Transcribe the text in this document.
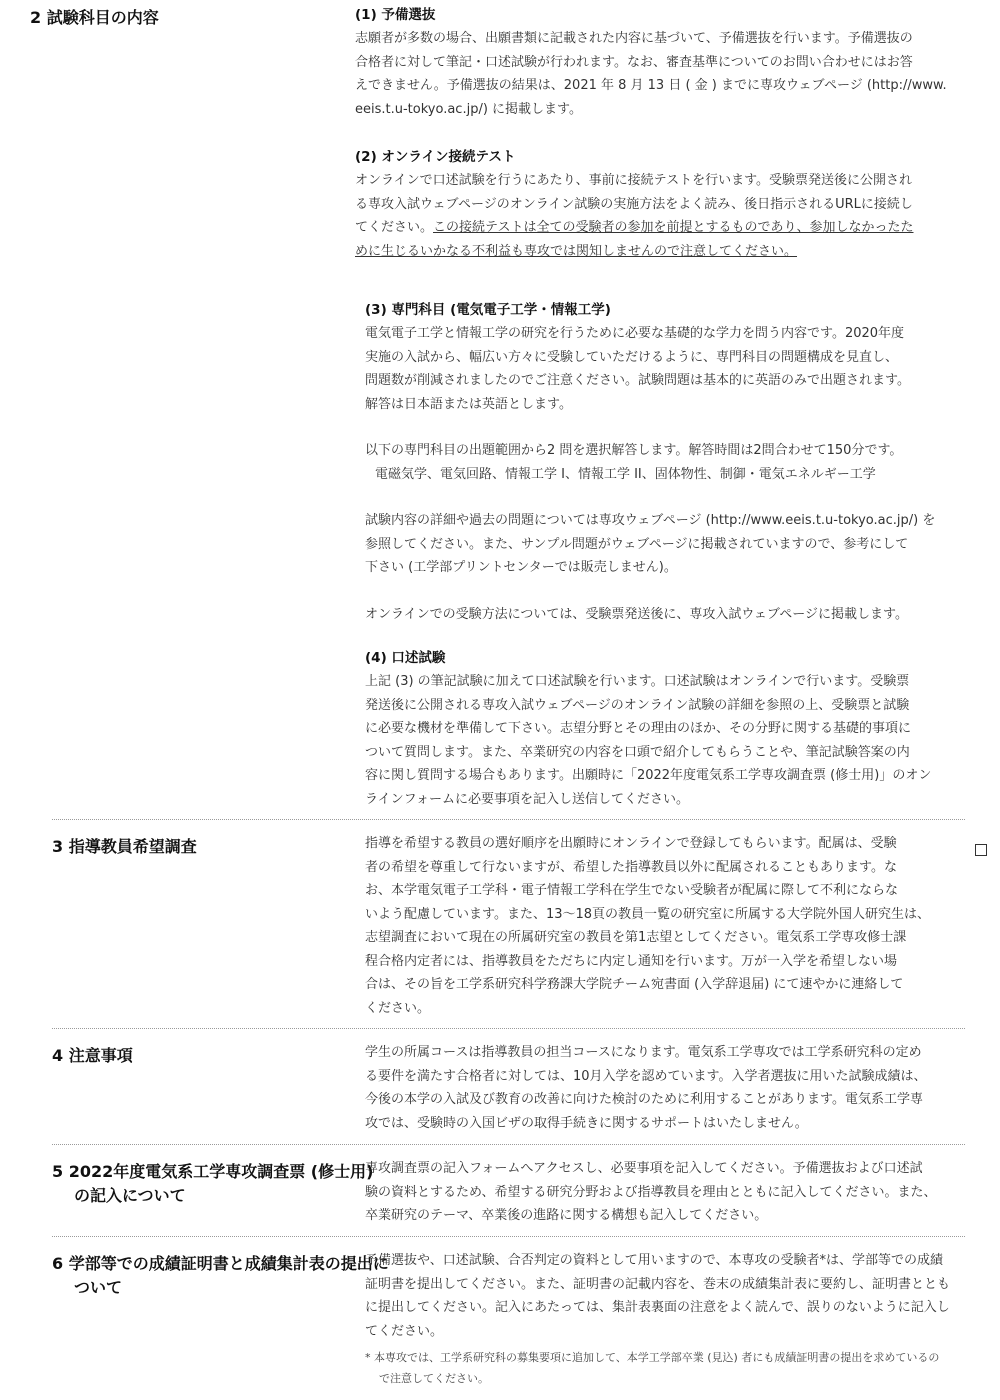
2 試験科目の内容	(1) 予備選抜

志願者が多数の場合、出願書類に記載された内容に基づいて、予備選抜を行います。予備選抜の

合格者に対して筆記・口述試験が行われます。なお、審査基準についてのお問い合わせにはお答

えできません。予備選抜の結果は、2021 年 8 月 13 日 ( 金 ) までに専攻ウェブページ (http://www.

eeis.t.u-tokyo.ac.jp/) に掲載します。

(2) オンライン接続テスト

オンラインで口述試験を行うにあたり、事前に接続テストを行います。受験票発送後に公開され

る専攻入試ウェブページのオンライン試験の実施方法をよく読み、後日指示されるURLに接続し

てください。この接続テストは全ての受験者の参加を前提とするものであり、参加しなかったた

めに生じるいかなる不利益も専攻では関知しませんので注意してください。

(3) 専門科目 (電気電子工学・情報工学)

電気電子工学と情報工学の研究を行うために必要な基礎的な学力を問う内容です。2020年度

実施の入試から、幅広い方々に受験していただけるように、専門科目の問題構成を見直し、

問題数が削減されましたのでご注意ください。試験問題は基本的に英語のみで出題されます。

解答は日本語または英語とします。

以下の専門科目の出題範囲から2 問を選択解答します。解答時間は2問合わせて150分です。

電磁気学、電気回路、情報工学 I、情報工学 II、固体物性、制御・電気エネルギー工学

試験内容の詳細や過去の問題については専攻ウェブページ (http://www.eeis.t.u-tokyo.ac.jp/) を

参照してください。また、サンプル問題がウェブページに掲載されていますので、参考にして

下さい (工学部プリントセンターでは販売しません)。

オンラインでの受験方法については、受験票発送後に、専攻入試ウェブページに掲載します。

(4) 口述試験

上記 (3) の筆記試験に加えて口述試験を行います。口述試験はオンラインで行います。受験票

発送後に公開される専攻入試ウェブページのオンライン試験の詳細を参照の上、受験票と試験

に必要な機材を準備して下さい。志望分野とその理由のほか、その分野に関する基礎的事項に

ついて質問します。また、卒業研究の内容を口頭で紹介してもらうことや、筆記試験答案の内

容に関し質問する場合もあります。出願時に「2022年度電気系工学専攻調査票 (修士用)」のオン

ラインフォームに必要事項を記入し送信してください。

3 指導教員希望調査	指導を希望する教員の選好順序を出願時にオンラインで登録してもらいます。配属は、受験

者の希望を尊重して行ないますが、希望した指導教員以外に配属されることもあります。な

お、本学電気電子工学科・電子情報工学科在学生でない受験者が配属に際して不利にならな

いよう配慮しています。また、13～18頁の教員一覧の研究室に所属する大学院外国人研究生は、

志望調査において現在の所属研究室の教員を第1志望としてください。電気系工学専攻修士課

程合格内定者には、指導教員をただちに内定し通知を行います。万が一入学を希望しない場

合は、その旨を工学系研究科学務課大学院チーム宛書面 (入学辞退届) にて速やかに連絡して

ください。

4 注意事項	学生の所属コースは指導教員の担当コースになります。電気系工学専攻では工学系研究科の定め

る要件を満たす合格者に対しては、10月入学を認めています。入学者選抜に用いた試験成績は、

今後の本学の入試及び教育の改善に向けた検討のために利用することがあります。電気系工学専

攻では、受験時の入国ビザの取得手続きに関するサポートはいたしません。

5 2022年度電気系工学専攻調査票 (修士用) の記入について

専攻調査票の記入フォームへアクセスし、必要事項を記入してください。予備選抜および口述試

験の資料とするため、希望する研究分野および指導教員を理由とともに記入してください。また、

卒業研究のテーマ、卒業後の進路に関する構想も記入してください。

6 学部等での成績証明書と成績集計表の提出について

予備選抜や、口述試験、合否判定の資料として用いますので、本専攻の受験者*は、学部等での成績

証明書を提出してください。また、証明書の記載内容を、巻末の成績集計表に要約し、証明書ととも

に提出してください。記入にあたっては、集計表裏面の注意をよく読んで、誤りのないように記入し

てください。

* 本専攻では、工学系研究科の募集要項に追加して、本学工学部卒業 (見込) 者にも成績証明書の提出を求めているの

で注意してください。
